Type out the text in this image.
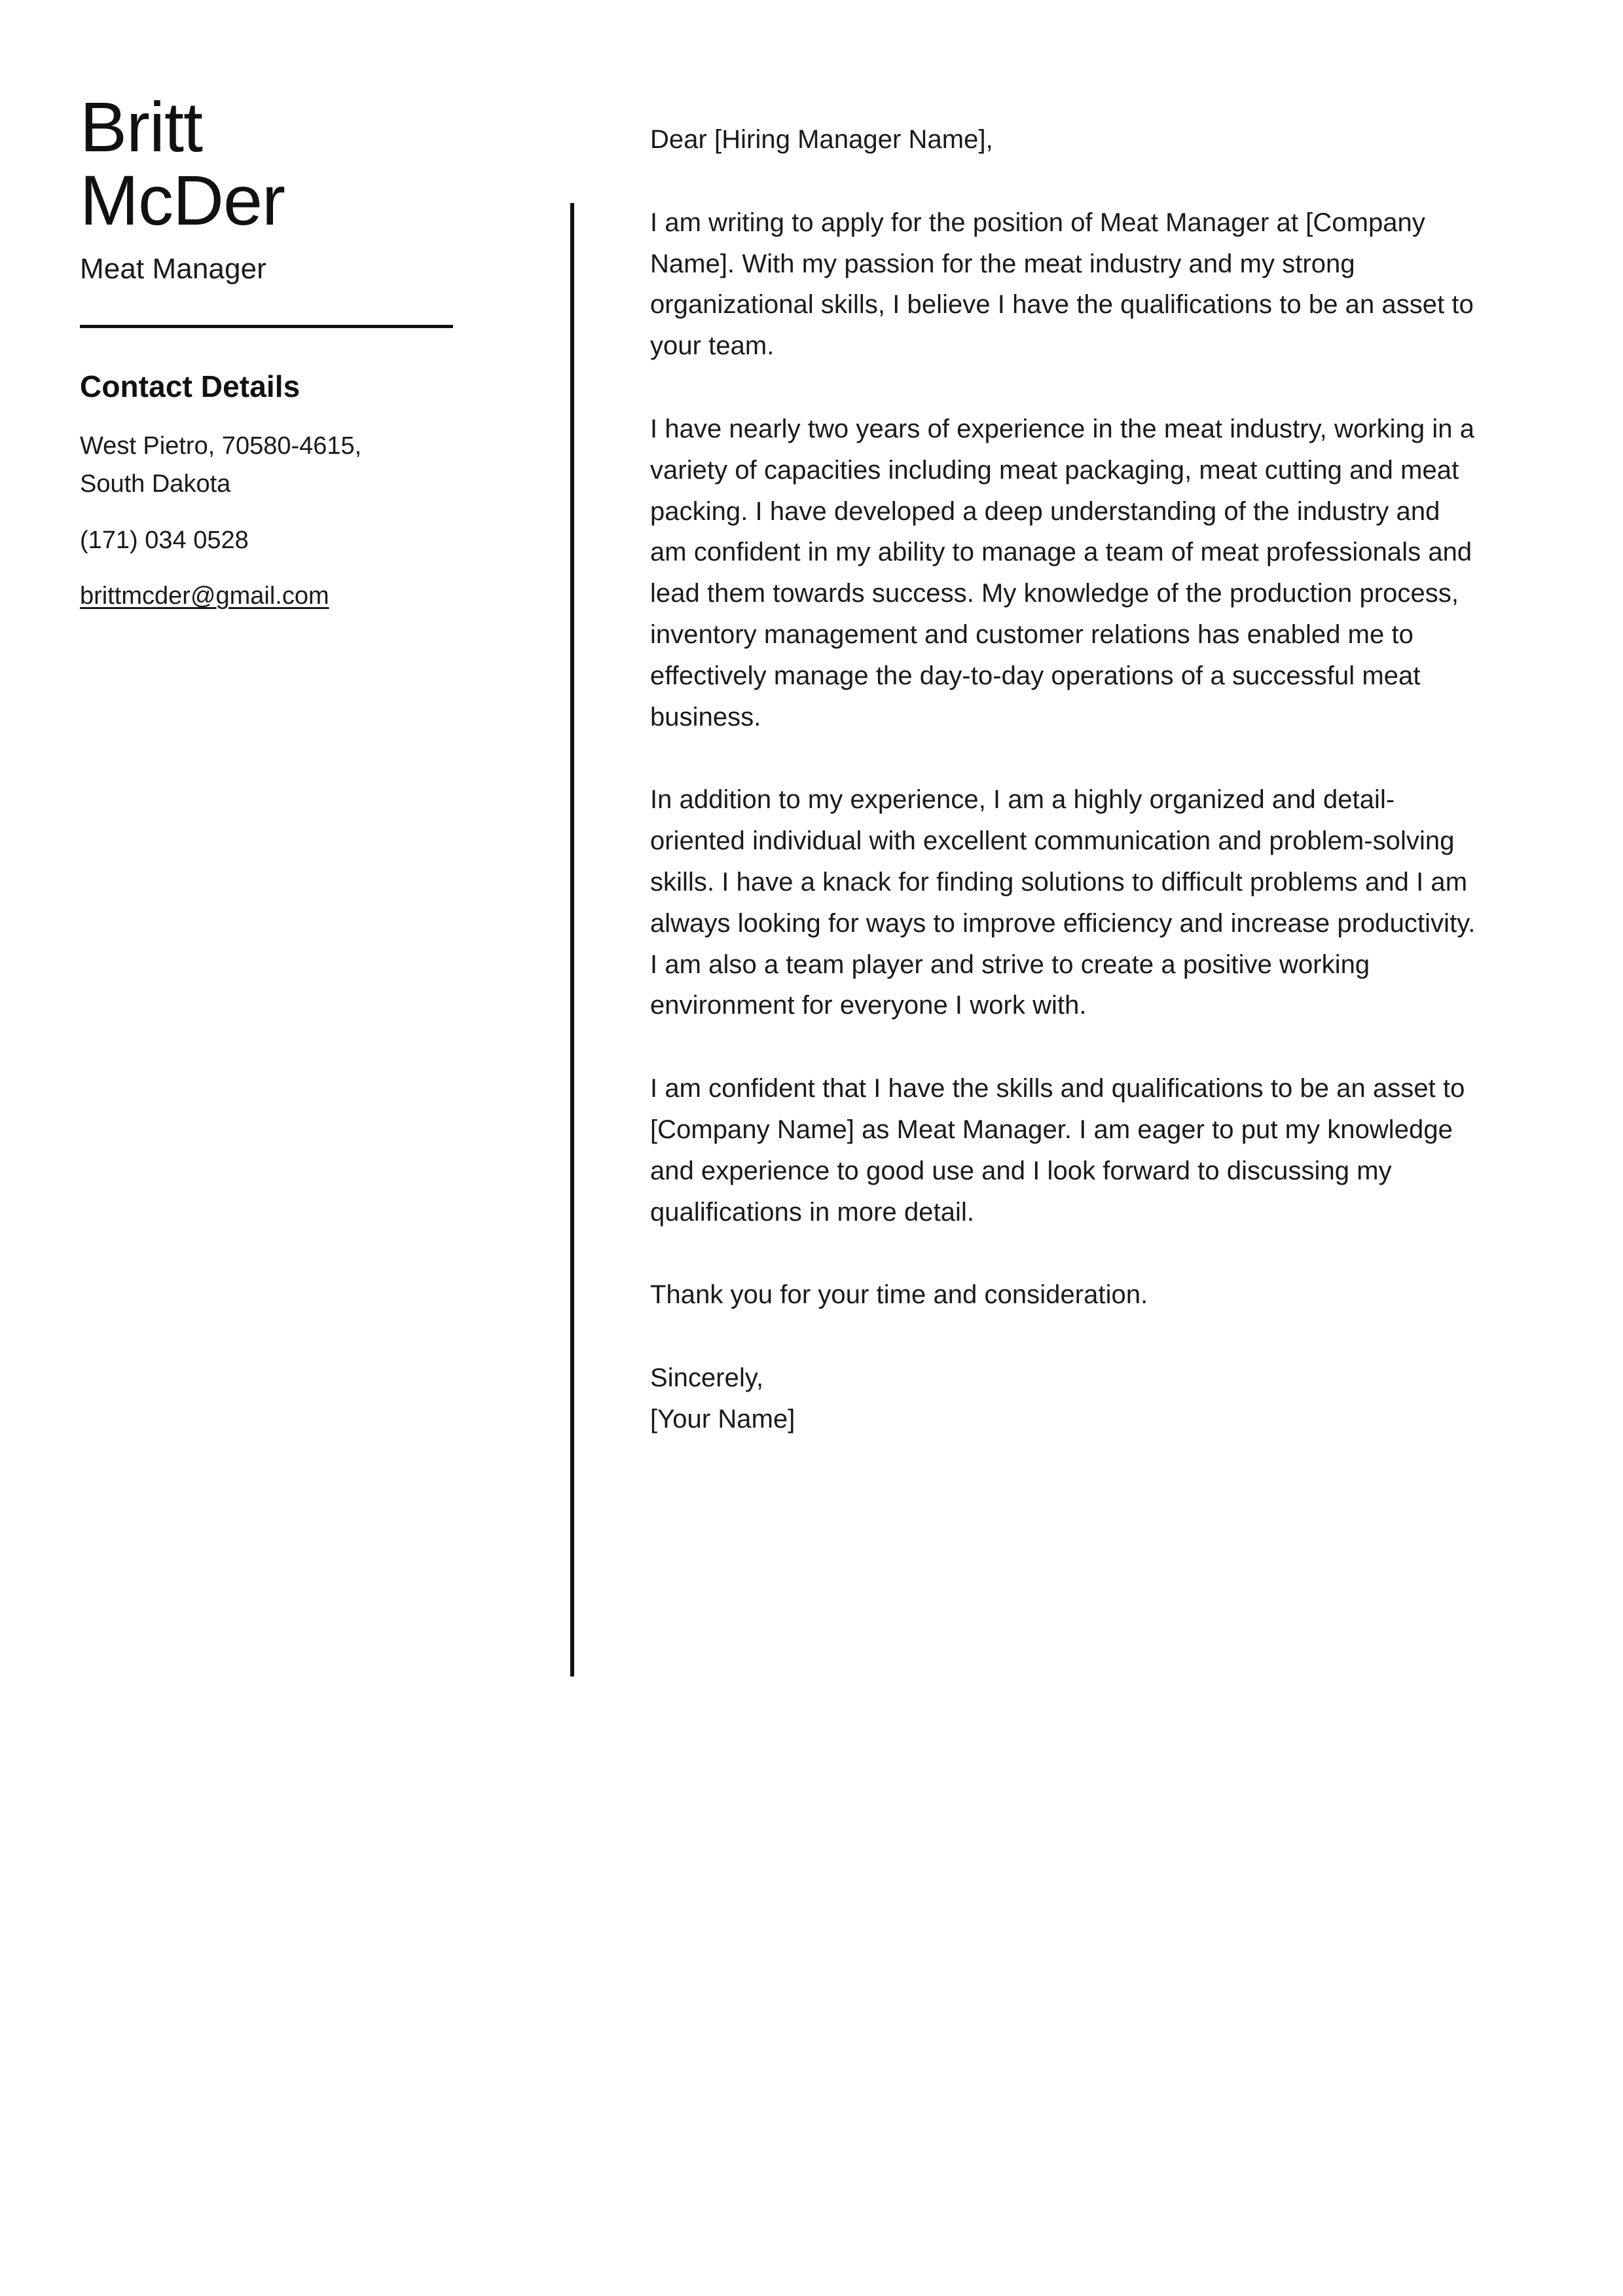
Britt
McDer
Meat Manager
Contact Details
West Pietro, 70580-4615,
South Dakota
(171) 034 0528
brittmcder@gmail.com

Dear [Hiring Manager Name],

I am writing to apply for the position of Meat Manager at [Company Name]. With my passion for the meat industry and my strong organizational skills, I believe I have the qualifications to be an asset to your team.

I have nearly two years of experience in the meat industry, working in a variety of capacities including meat packaging, meat cutting and meat packing. I have developed a deep understanding of the industry and am confident in my ability to manage a team of meat professionals and lead them towards success. My knowledge of the production process, inventory management and customer relations has enabled me to effectively manage the day-to-day operations of a successful meat business.

In addition to my experience, I am a highly organized and detail-oriented individual with excellent communication and problem-solving skills. I have a knack for finding solutions to difficult problems and I am always looking for ways to improve efficiency and increase productivity. I am also a team player and strive to create a positive working environment for everyone I work with.

I am confident that I have the skills and qualifications to be an asset to [Company Name] as Meat Manager. I am eager to put my knowledge and experience to good use and I look forward to discussing my qualifications in more detail.

Thank you for your time and consideration.

Sincerely,
[Your Name]
